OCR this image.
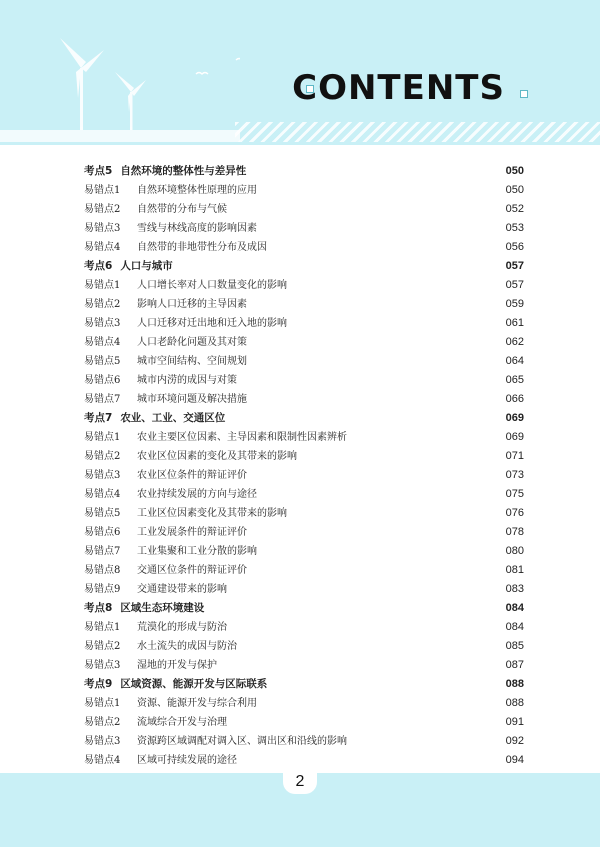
CONTENTS
2
考点5 自然环境的整体性与差异性	050
易错点1 自然环境整体性原理的应用	050
易错点2 自然带的分布与气候	052
易错点3 雪线与林线高度的影响因素	053
易错点4 自然带的非地带性分布及成因	056
考点6 人口与城市	057
易错点1 人口增长率对人口数量变化的影响	057
易错点2 影响人口迁移的主导因素	059
易错点3 人口迁移对迁出地和迁入地的影响	061
易错点4 人口老龄化问题及其对策	062
易错点5 城市空间结构、空间规划	064
易错点6 城市内涝的成因与对策	065
易错点7 城市环境问题及解决措施	066
考点7 农业、工业、交通区位	069
易错点1 农业主要区位因素、主导因素和限制性因素辨析	069
易错点2 农业区位因素的变化及其带来的影响	071
易错点3 农业区位条件的辩证评价	073
易错点4 农业持续发展的方向与途径	075
易错点5 工业区位因素变化及其带来的影响	076
易错点6 工业发展条件的辩证评价	078
易错点7 工业集聚和工业分散的影响	080
易错点8 交通区位条件的辩证评价	081
易错点9 交通建设带来的影响	083
考点8 区域生态环境建设	084
易错点1 荒漠化的形成与防治	084
易错点2 水土流失的成因与防治	085
易错点3 湿地的开发与保护	087
考点9 区域资源、能源开发与区际联系	088
易错点1 资源、能源开发与综合利用	088
易错点2 流域综合开发与治理	091
易错点3 资源跨区域调配对调入区、调出区和沿线的影响	092
易错点4 区域可持续发展的途径	094
